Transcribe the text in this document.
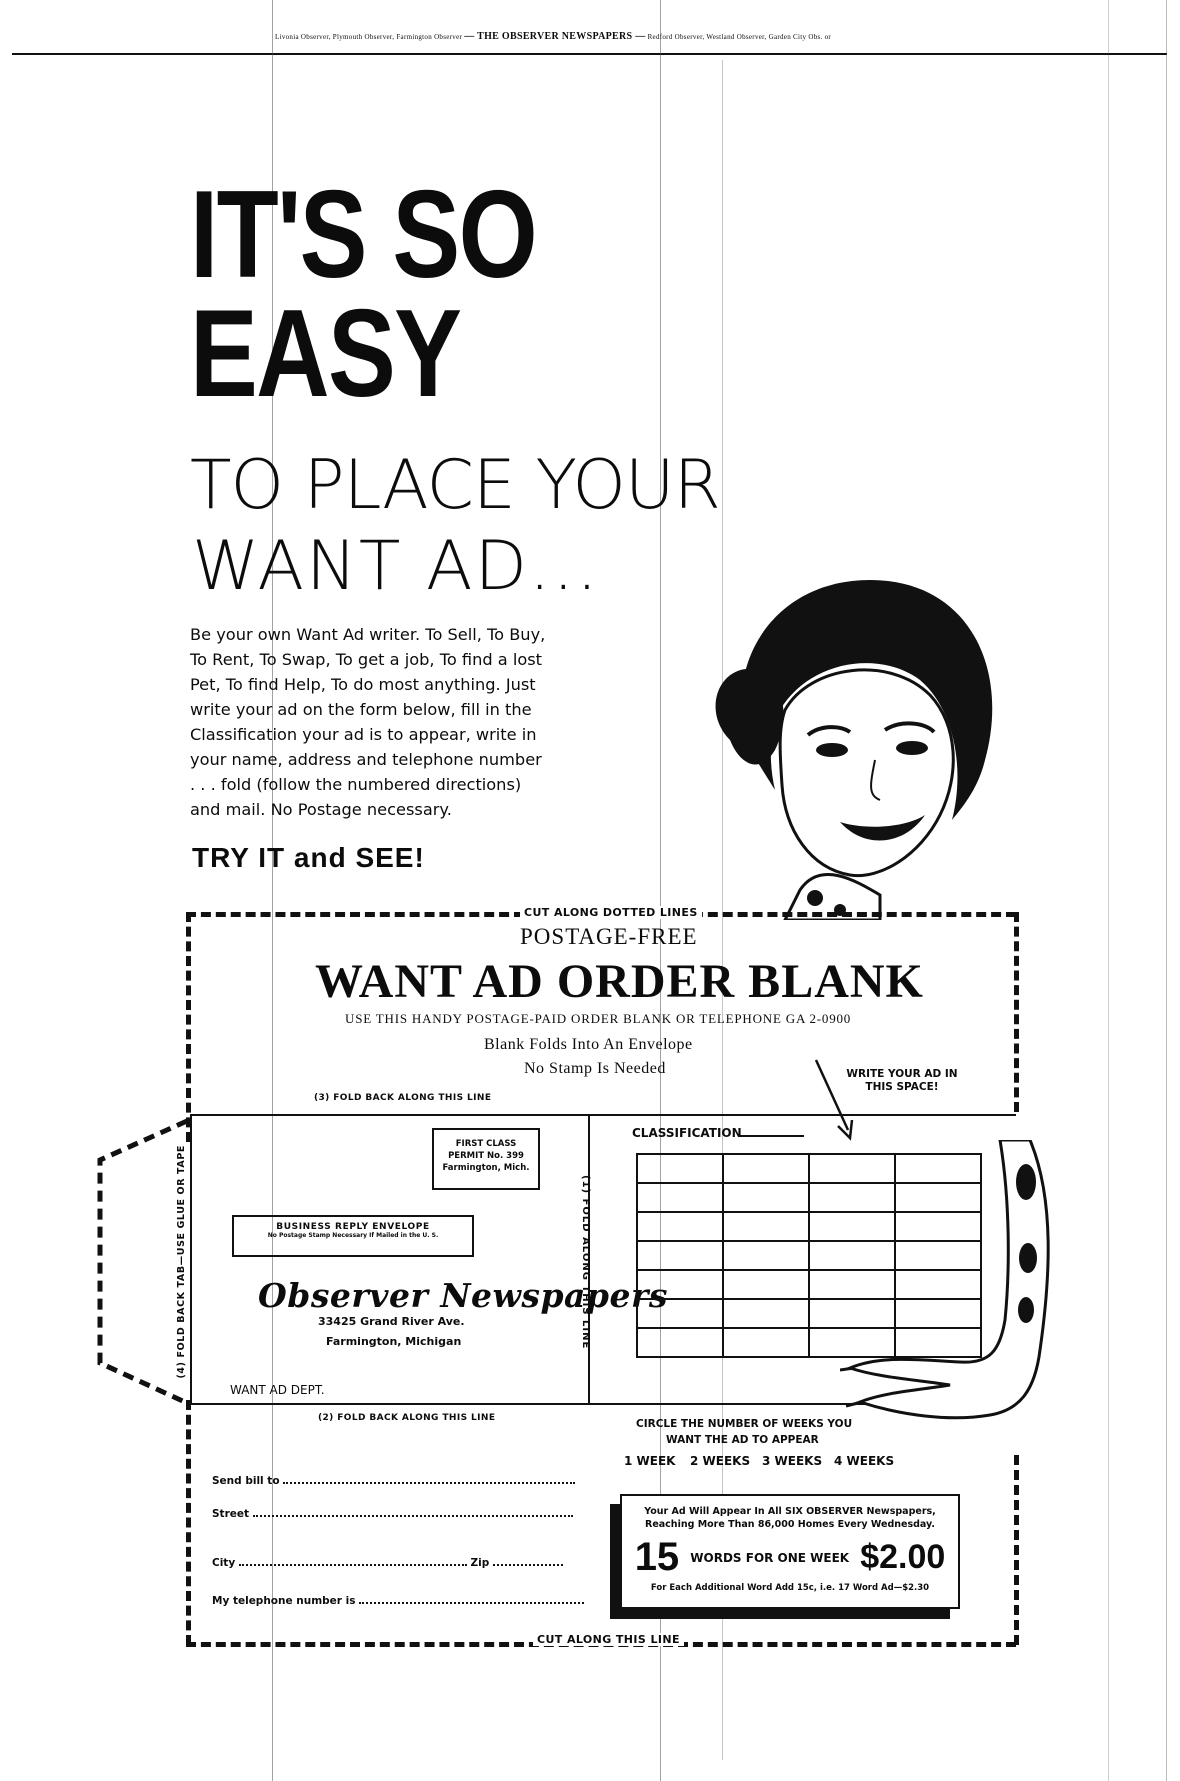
Livonia Observer, Plymouth Observer, Farmington Observer — THE OBSERVER NEWSPAPERS — Redford Observer, Westland Observer, Garden City Obs. or
IT'S SO
EASY
TO PLACE YOUR
WANT AD...
Be your own Want Ad writer. To Sell, To Buy, To Rent, To Swap, To get a job, To find a lost Pet, To find Help, To do most anything. Just write your ad on the form below, fill in the Classification your ad is to appear, write in your name, address and telephone number . . . fold (follow the numbered directions) and mail. No Postage necessary.
TRY IT and SEE!
CUT ALONG DOTTED LINES
CUT ALONG THIS LINE
POSTAGE-FREE
WANT AD ORDER BLANK
USE THIS HANDY POSTAGE-PAID ORDER BLANK OR TELEPHONE GA 2-0900
Blank Folds Into An Envelope
No Stamp Is Needed	WRITE YOUR AD IN THIS SPACE!
(3) FOLD BACK ALONG THIS LINE
(2) FOLD BACK ALONG THIS LINE
(1) FOLD ALONG THIS LINE
(4) FOLD BACK TAB—USE GLUE OR TAPE
FIRST CLASS
PERMIT No. 399
Farmington, Mich.
BUSINESS REPLY ENVELOPE
No Postage Stamp Necessary If Mailed in the U. S.
Observer Newspapers
33425 Grand River Ave.
Farmington, Michigan
WANT AD DEPT.
CLASSIFICATION

CIRCLE THE NUMBER OF WEEKS YOU
WANT THE AD TO APPEAR
1 WEEK 2 WEEKS 3 WEEKS 4 WEEKS
Send bill to
Street
City	Zip
My telephone number is
Your Ad Will Appear In All SIX OBSERVER Newspapers,
Reaching More Than 86,000 Homes Every Wednesday.
15 WORDS FOR ONE WEEK $2.00
For Each Additional Word Add 15c, i.e. 17 Word Ad—$2.30
